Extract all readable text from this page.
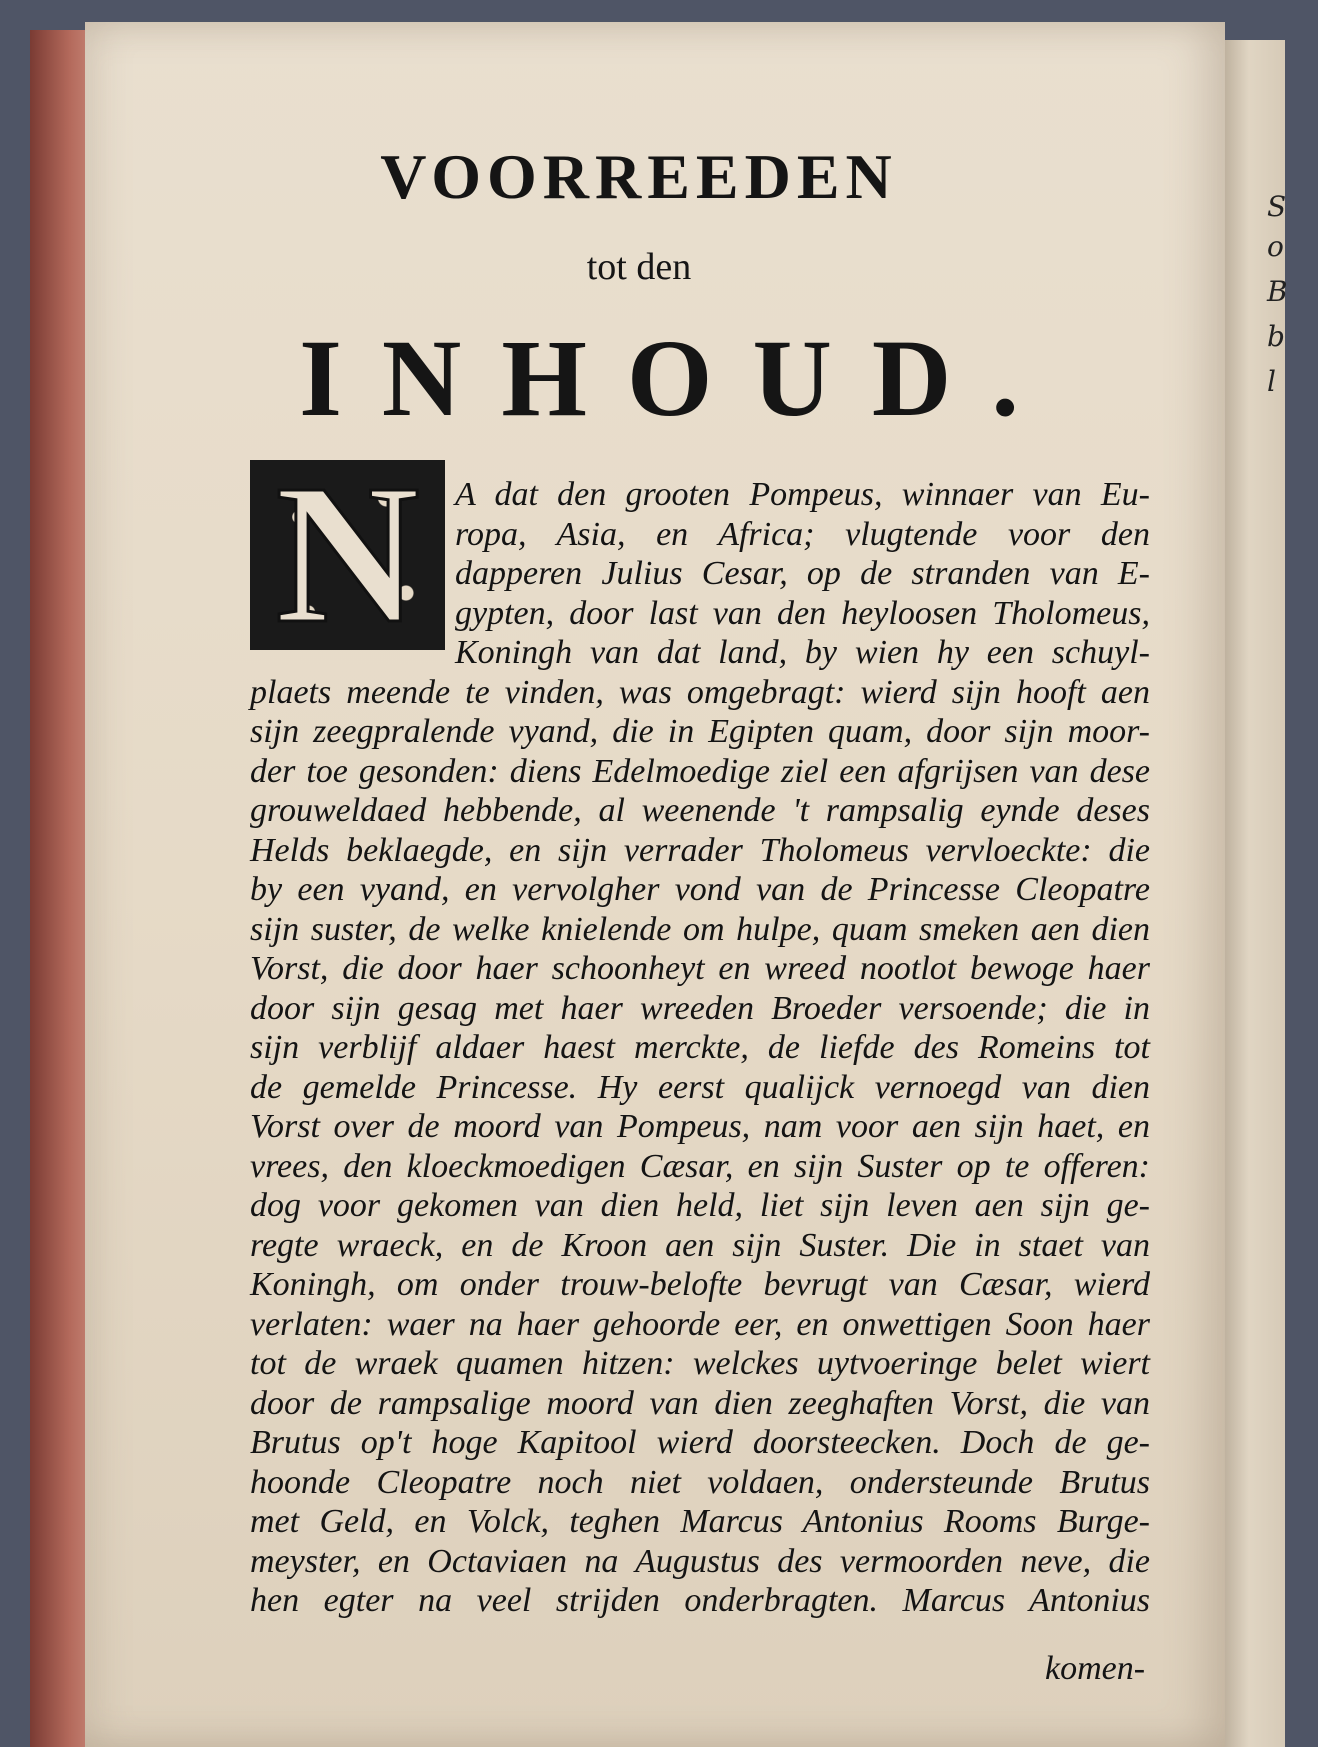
S
o
B
b
l
VOORREEDEN
tot den
INHOUD.
N A dat den grooten Pompeus, winnaer van Eu-
ropa, Asia, en Africa; vlugtende voor den
dapperen Julius Cesar, op de stranden van E-
gypten, door last van den heyloosen Tholomeus,
Koningh van dat land, by wien hy een schuyl-
plaets meende te vinden, was omgebragt: wierd sijn hooft aen
sijn zeegpralende vyand, die in Egipten quam, door sijn moor-
der toe gesonden: diens Edelmoedige ziel een afgrijsen van dese
grouweldaed hebbende, al weenende 't rampsalig eynde deses
Helds beklaegde, en sijn verrader Tholomeus vervloeckte: die
by een vyand, en vervolgher vond van de Princesse Cleopatre
sijn suster, de welke knielende om hulpe, quam smeken aen dien
Vorst, die door haer schoonheyt en wreed nootlot bewoge haer
door sijn gesag met haer wreeden Broeder versoende; die in
sijn verblijf aldaer haest merckte, de liefde des Romeins tot
de gemelde Princesse. Hy eerst qualijck vernoegd van dien
Vorst over de moord van Pompeus, nam voor aen sijn haet, en
vrees, den kloeckmoedigen Cæsar, en sijn Suster op te offeren:
dog voor gekomen van dien held, liet sijn leven aen sijn ge-
regte wraeck, en de Kroon aen sijn Suster. Die in staet van
Koningh, om onder trouw-belofte bevrugt van Cæsar, wierd
verlaten: waer na haer gehoorde eer, en onwettigen Soon haer
tot de wraek quamen hitzen: welckes uytvoeringe belet wiert
door de rampsalige moord van dien zeeghaften Vorst, die van
Brutus op't hoge Kapitool wierd doorsteecken. Doch de ge-
hoonde Cleopatre noch niet voldaen, ondersteunde Brutus
met Geld, en Volck, teghen Marcus Antonius Rooms Burge-
meyster, en Octaviaen na Augustus des vermoorden neve, die
hen egter na veel strijden onderbragten. Marcus Antonius
komen-
